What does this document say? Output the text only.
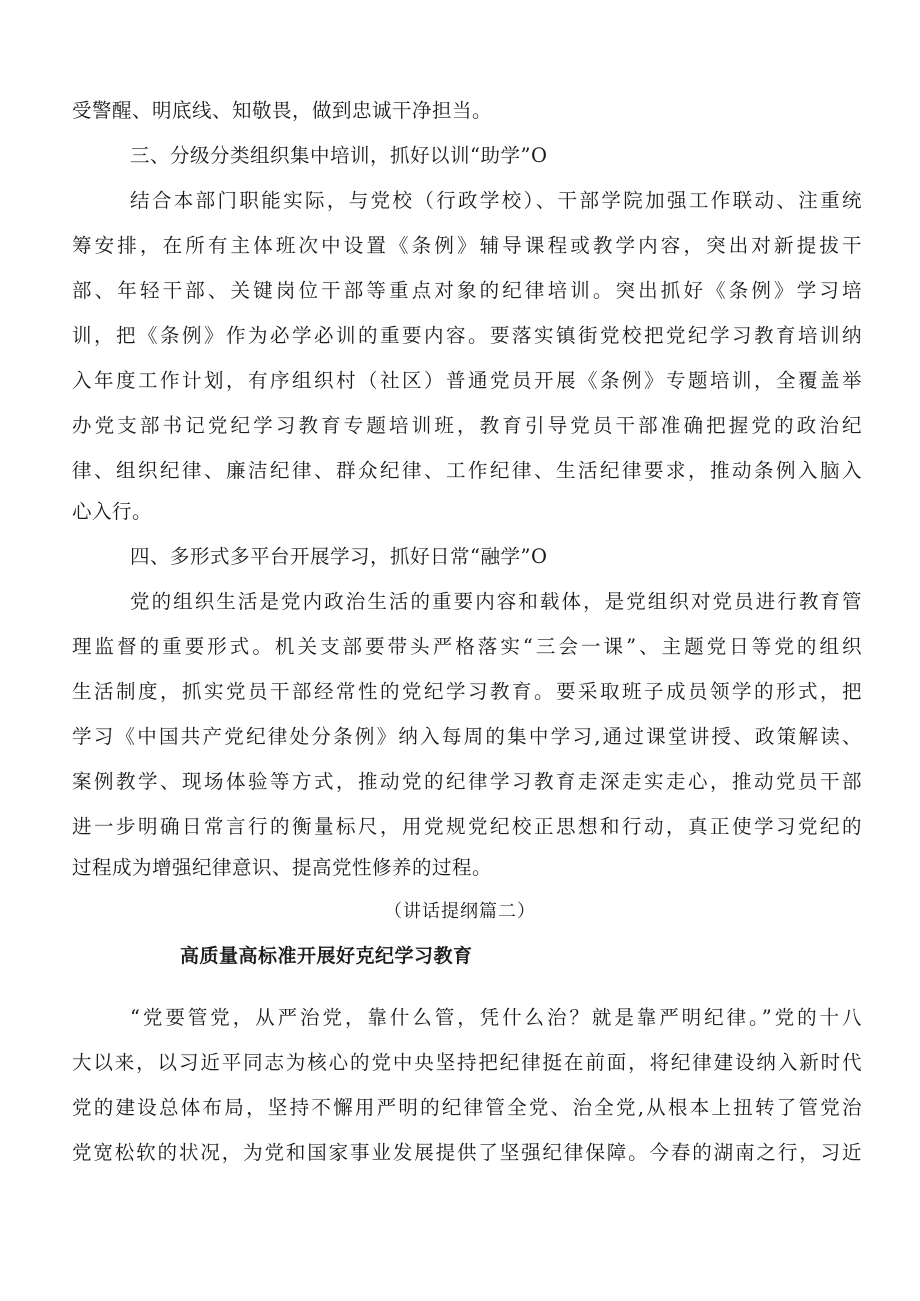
受警醒、明底线、知敬畏，做到忠诚干净担当。
三、分级分类组织集中培训，抓好以训“助学”O
结合本部门职能实际，与党校（行政学校）、干部学院加强工作联动、注重统
筹安排，在所有主体班次中设置《条例》辅导课程或教学内容，突出对新提拔干
部、年轻干部、关键岗位干部等重点对象的纪律培训。突出抓好《条例》学习培
训，把《条例》作为必学必训的重要内容。要落实镇街党校把党纪学习教育培训纳
入年度工作计划，有序组织村（社区）普通党员开展《条例》专题培训，全覆盖举
办党支部书记党纪学习教育专题培训班，教育引导党员干部准确把握党的政治纪
律、组织纪律、廉洁纪律、群众纪律、工作纪律、生活纪律要求，推动条例入脑入
心入行。
四、多形式多平台开展学习，抓好日常“融学”O
党的组织生活是党内政治生活的重要内容和载体，是党组织对党员进行教育管
理监督的重要形式。机关支部要带头严格落实“三会一课”、主题党日等党的组织
生活制度，抓实党员干部经常性的党纪学习教育。要采取班子成员领学的形式，把
学习《中国共产党纪律处分条例》纳入每周的集中学习,通过课堂讲授、政策解读、
案例教学、现场体验等方式，推动党的纪律学习教育走深走实走心，推动党员干部
进一步明确日常言行的衡量标尺，用党规党纪校正思想和行动，真正使学习党纪的
过程成为增强纪律意识、提高党性修养的过程。
（讲话提纲篇二）
高质量高标准开展好克纪学习教育
“党要管党，从严治党，靠什么管，凭什么治？就是靠严明纪律。”党的十八
大以来，以习近平同志为核心的党中央坚持把纪律挺在前面，将纪律建设纳入新时代
党的建设总体布局，坚持不懈用严明的纪律管全党、治全党,从根本上扭转了管党治
党宽松软的状况，为党和国家事业发展提供了坚强纪律保障。今春的湖南之行，习近
